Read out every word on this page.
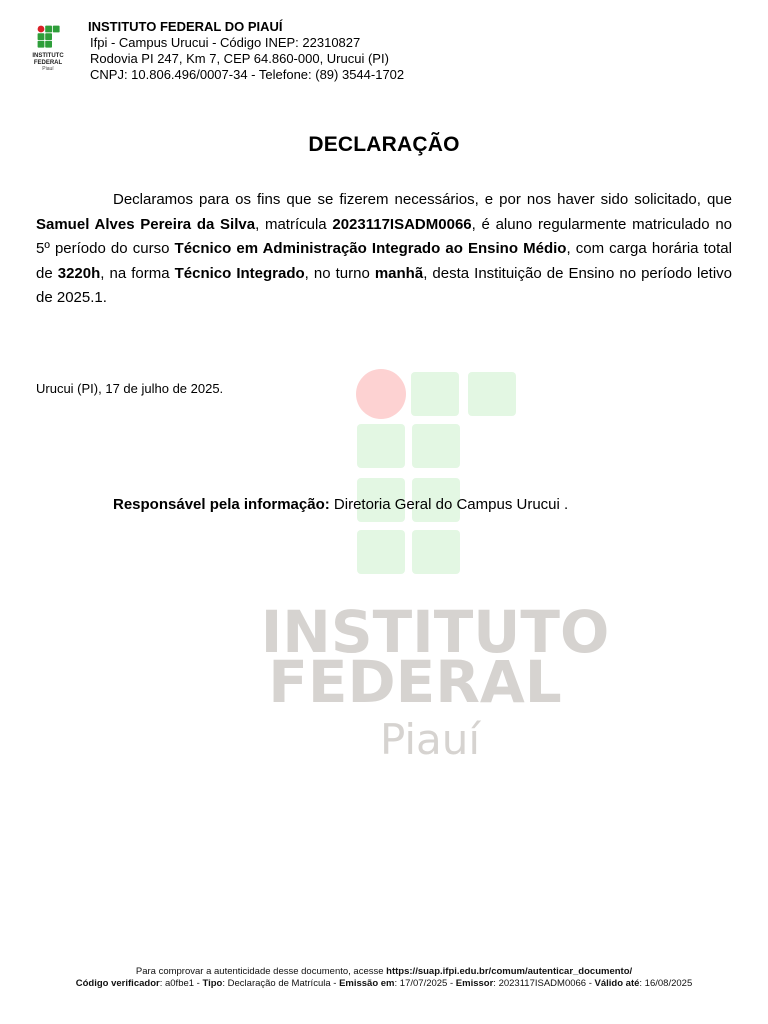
INSTITUTC
FEDERAL
Piauí
INSTITUTO FEDERAL DO PIAUÍ
Ifpi - Campus Urucui - Código INEP: 22310827
Rodovia PI 247, Km 7, CEP 64.860-000, Urucui (PI)
CNPJ: 10.806.496/0007-34 - Telefone: (89) 3544-1702
INSTITUTO
FEDERAL
Piauí
DECLARAÇÃO
Declaramos para os fins que se fizerem necessários, e por nos haver sido solicitado, que Samuel Alves Pereira da Silva, matrícula 2023117ISADM0066, é aluno regularmente matriculado no 5º período do curso Técnico em Administração Integrado ao Ensino Médio, com carga horária total de 3220h, na forma Técnico Integrado, no turno manhã, desta Instituição de Ensino no período letivo de 2025.1.
Urucui (PI), 17 de julho de 2025.
Responsável pela informação: Diretoria Geral do Campus Urucui .
Para comprovar a autenticidade desse documento, acesse https://suap.ifpi.edu.br/comum/autenticar_documento/
Código verificador: a0fbe1 - Tipo: Declaração de Matrícula - Emissão em: 17/07/2025 - Emissor: 2023117ISADM0066 - Válido até: 16/08/2025
